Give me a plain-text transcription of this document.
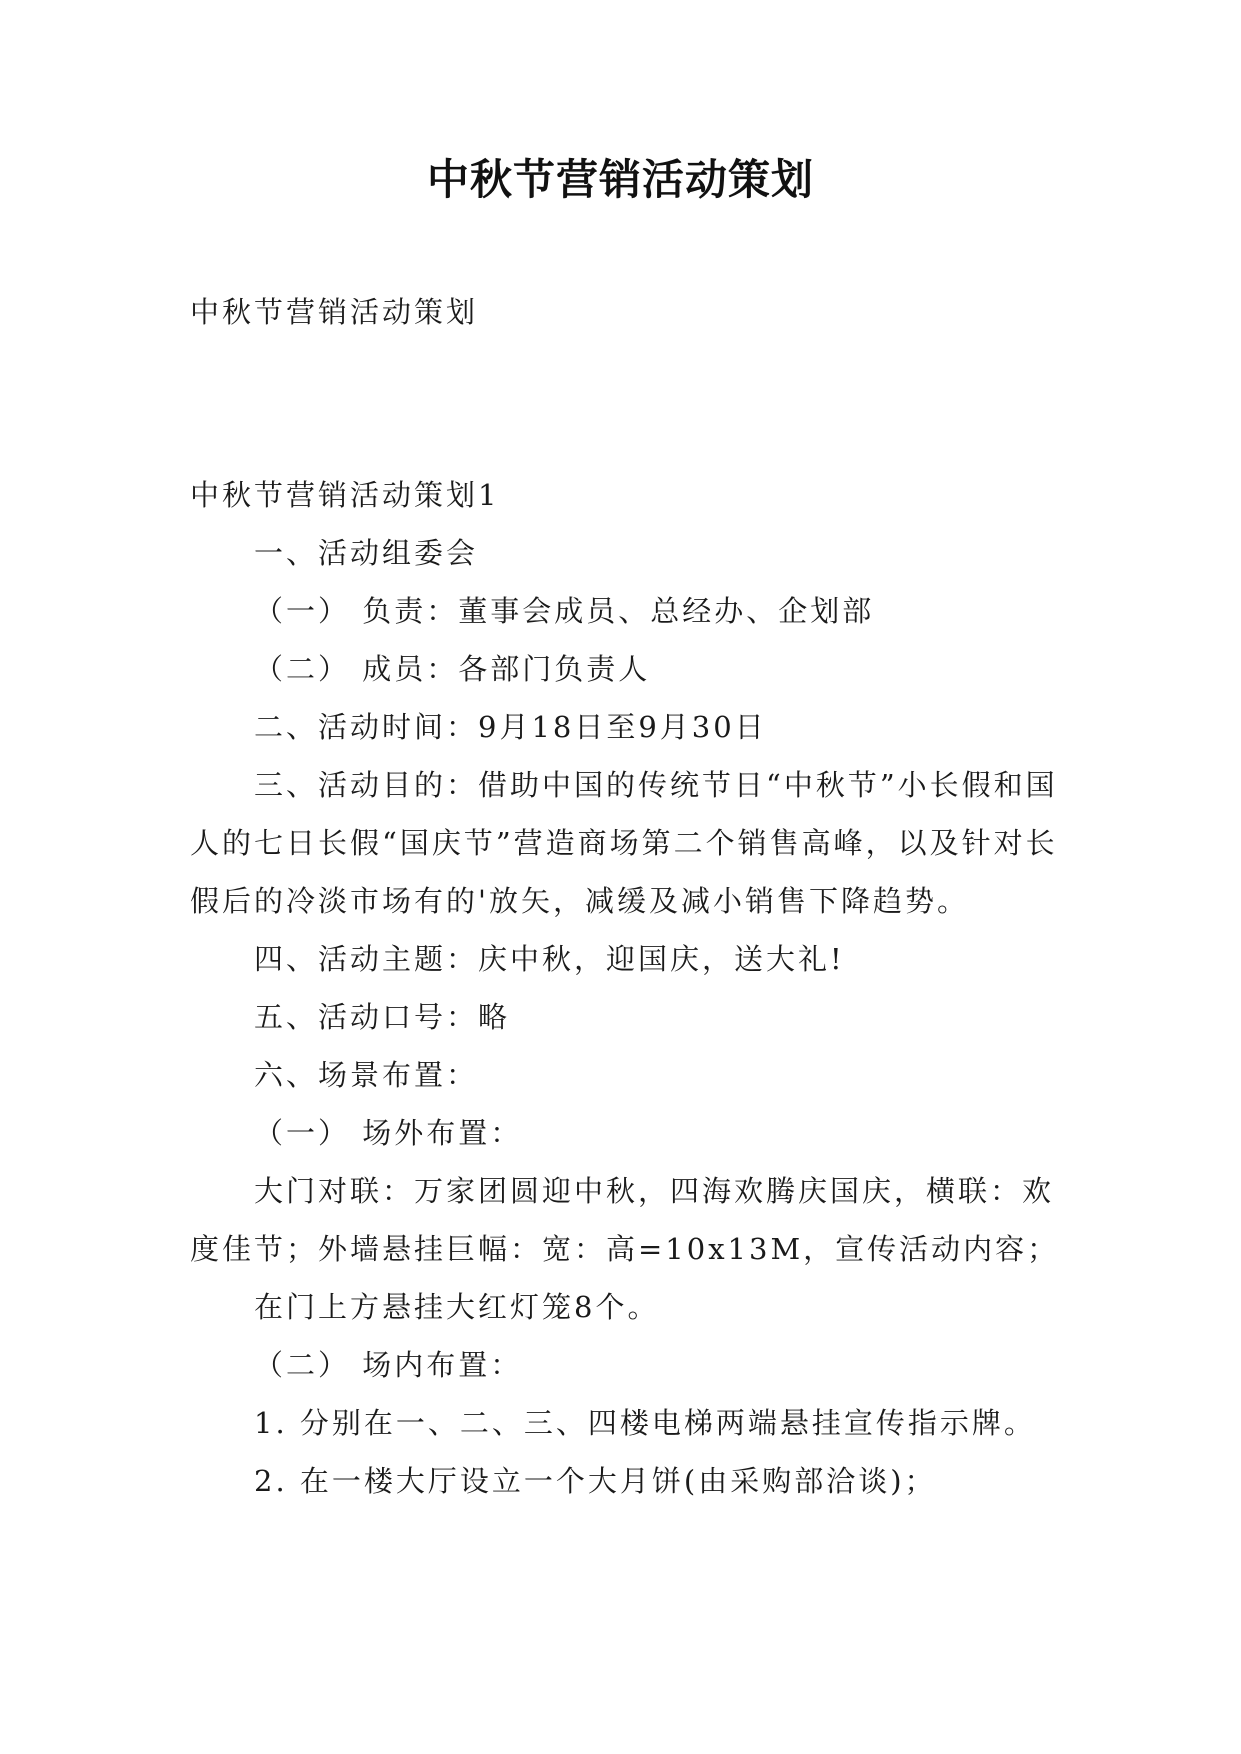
中秋节营销活动策划
中秋节营销活动策划

中秋节营销活动策划1

一、活动组委会

（一） 负责：董事会成员、总经办、企划部

（二） 成员：各部门负责人

二、活动时间：9月18日至9月30日

三、活动目的：借助中国的传统节日“中秋节”小长假和国人的七日长假“国庆节”营造商场第二个销售高峰，以及针对长假后的冷淡市场有的'放矢，减缓及减小销售下降趋势。

四、活动主题：庆中秋，迎国庆，送大礼!

五、活动口号：略

六、场景布置：

（一） 场外布置：

大门对联：万家团圆迎中秋，四海欢腾庆国庆，横联：欢度佳节；外墙悬挂巨幅：宽：高=10x13M，宣传活动内容；

在门上方悬挂大红灯笼8个。

（二） 场内布置：

1. 分别在一、二、三、四楼电梯两端悬挂宣传指示牌。

2. 在一楼大厅设立一个大月饼(由采购部洽谈)；
